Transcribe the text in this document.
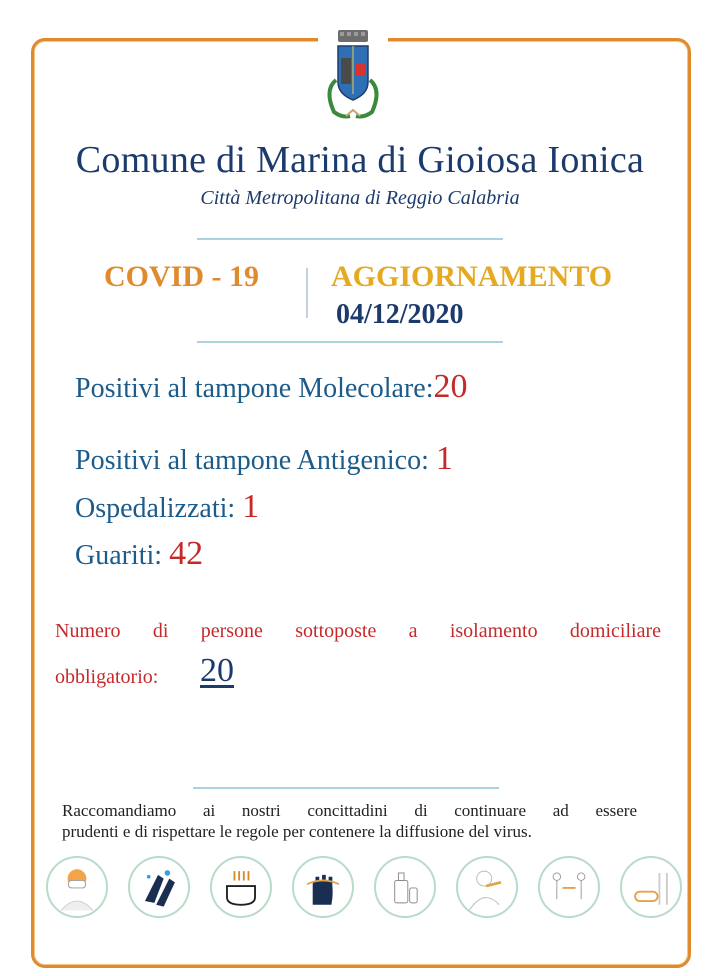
Comune di Marina di Gioiosa Ionica
Città Metropolitana di Reggio Calabria
COVID - 19 AGGIORNAMENTO
04/12/2020
Positivi al tampone Molecolare:20
Positivi al tampone Antigenico: 1
Ospedalizzati: 1
Guariti: 42
Numero di persone sottoposte a isolamento domiciliare
obbligatorio: 20
Raccomandiamo ai nostri concittadini di continuare ad essere
prudenti e di rispettare le regole per contenere la diffusione del virus.
